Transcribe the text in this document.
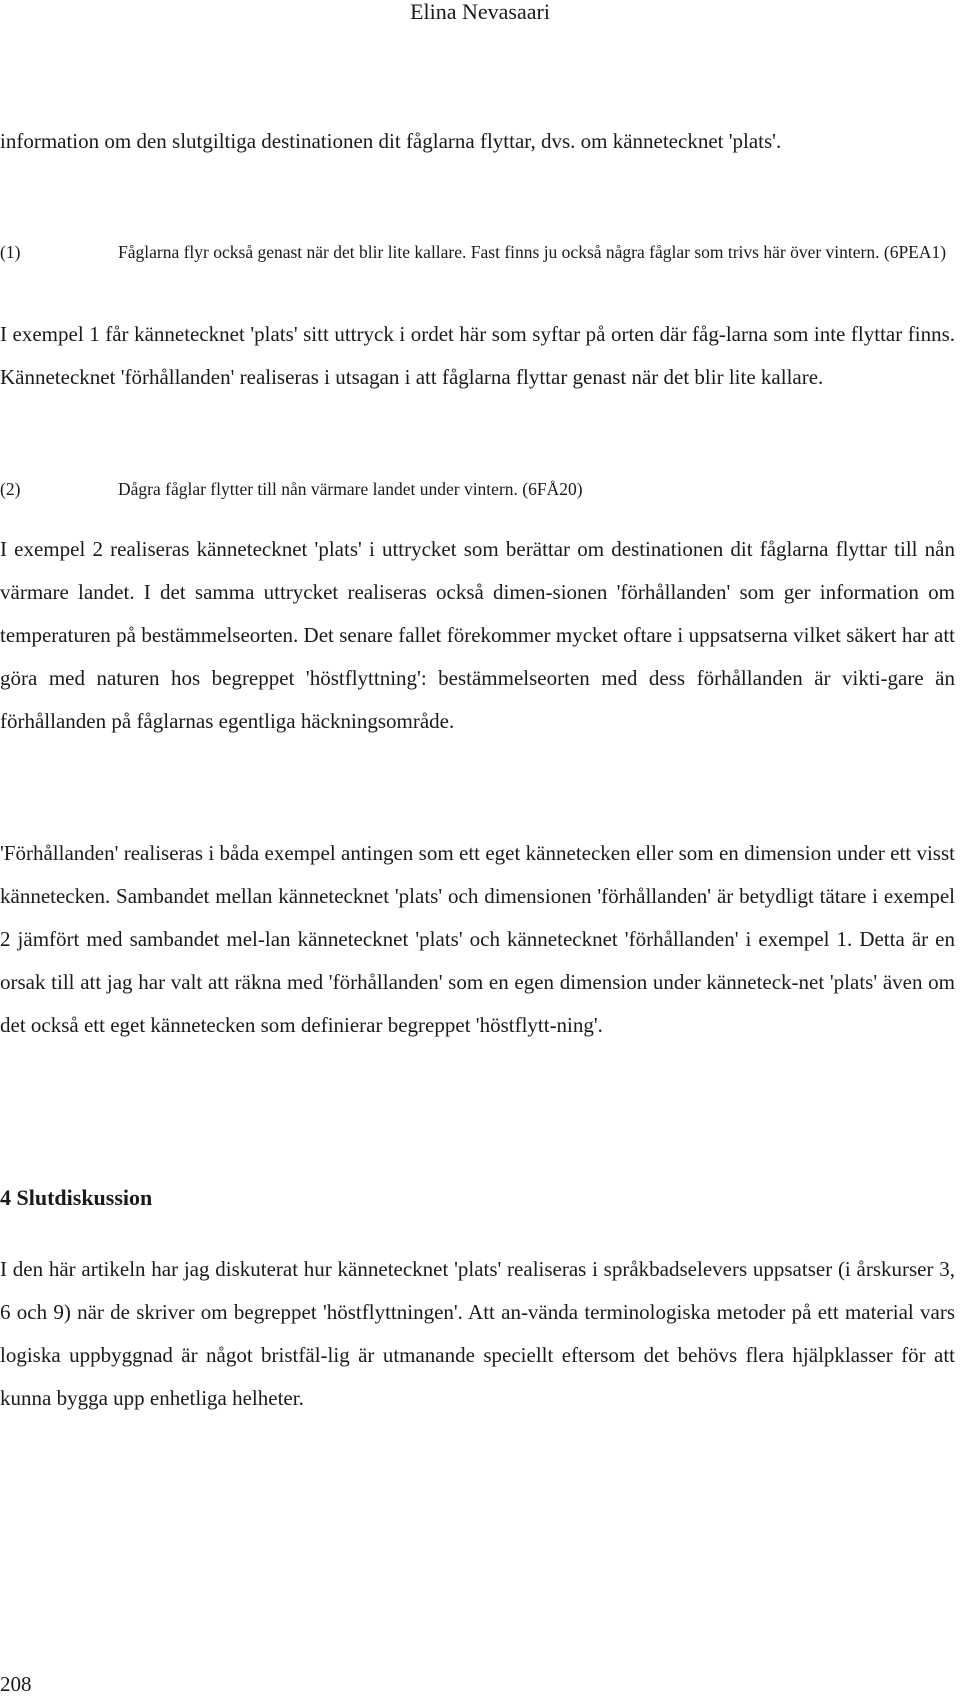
Elina Nevasaari

information om den slutgiltiga destinationen dit fåglarna flyttar, dvs. om kännetecknet 'plats'.

(1)	Fåglarna flyr också genast när det blir lite kallare. Fast finns ju också några fåglar som trivs här över vintern. (6PEA1)

I exempel 1 får kännetecknet 'plats' sitt uttryck i ordet här som syftar på orten där fåg-larna som inte flyttar finns. Kännetecknet 'förhållanden' realiseras i utsagan i att fåglarna flyttar genast när det blir lite kallare.

(2)	Dågra fåglar flytter till nån värmare landet under vintern. (6FÅ20)

I exempel 2 realiseras kännetecknet 'plats' i uttrycket som berättar om destinationen dit fåglarna flyttar till nån värmare landet. I det samma uttrycket realiseras också dimen-sionen 'förhållanden' som ger information om temperaturen på bestämmelseorten. Det senare fallet förekommer mycket oftare i uppsatserna vilket säkert har att göra med naturen hos begreppet 'höstflyttning': bestämmelseorten med dess förhållanden är vikti-gare än förhållanden på fåglarnas egentliga häckningsområde.

'Förhållanden' realiseras i båda exempel antingen som ett eget kännetecken eller som en dimension under ett visst kännetecken. Sambandet mellan kännetecknet 'plats' och dimensionen 'förhållanden' är betydligt tätare i exempel 2 jämfört med sambandet mel-lan kännetecknet 'plats' och kännetecknet 'förhållanden' i exempel 1. Detta är en orsak till att jag har valt att räkna med 'förhållanden' som en egen dimension under känneteck-net 'plats' även om det också ett eget kännetecken som definierar begreppet 'höstflytt-ning'.

4 Slutdiskussion

I den här artikeln har jag diskuterat hur kännetecknet 'plats' realiseras i språkbadselevers uppsatser (i årskurser 3, 6 och 9) när de skriver om begreppet 'höstflyttningen'. Att an-vända terminologiska metoder på ett material vars logiska uppbyggnad är något bristfäl-lig är utmanande speciellt eftersom det behövs flera hjälpklasser för att kunna bygga upp enhetliga helheter.

208
